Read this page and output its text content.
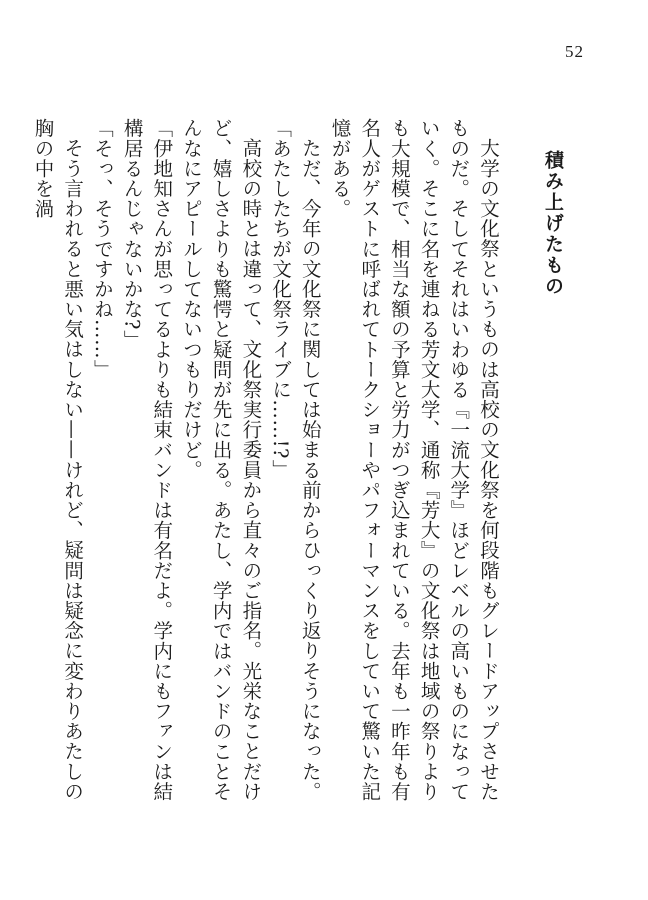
52
積み上げたもの

大学の文化祭というものは高校の文化祭を何段階もグレードアップさせたものだ。そしてそれはいわゆる『一流大学』ほどレベルの高いものになっていく。そこに名を連ねる芳文大学、通称『芳大』の文化祭は地域の祭りよりも大規模で、相当な額の予算と労力がつぎ込まれている。去年も一昨年も有名人がゲストに呼ばれてトークショーやパフォーマンスをしていて驚いた記憶がある。

ただ、今年の文化祭に関しては始まる前からひっくり返りそうになった。

「あたしたちが文化祭ライブに……!?」

高校の時とは違って、文化祭実行委員から直々のご指名。光栄なことだけど、嬉しさよりも驚愕と疑問が先に出る。あたし、学内ではバンドのことそんなにアピールしてないつもりだけど。

「伊地知さんが思ってるよりも結束バンドは有名だよ。学内にもファンは結構居るんじゃないかな?」

「そっ、そうですかね……」

そう言われると悪い気はしない——けれど、疑問は疑念に変わりあたしの胸の中を渦
